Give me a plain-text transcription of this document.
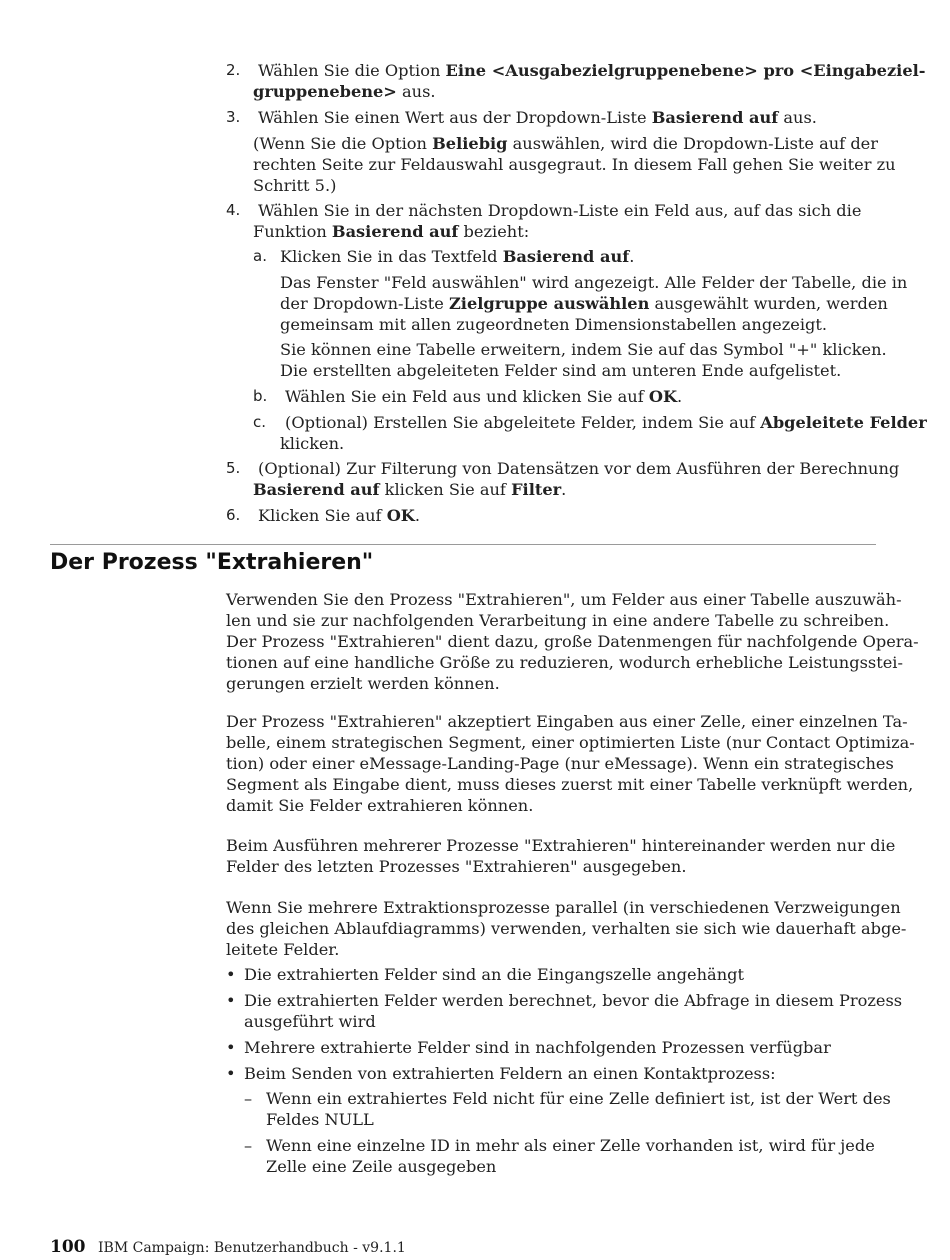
2. Wählen Sie die Option Eine <Ausgabezielgruppenebene> pro <Eingabeziel-
gruppenebene> aus.
3. Wählen Sie einen Wert aus der Dropdown-Liste Basierend auf aus.
(Wenn Sie die Option Beliebig auswählen, wird die Dropdown-Liste auf der
rechten Seite zur Feldauswahl ausgegraut. In diesem Fall gehen Sie weiter zu
Schritt 5.)
4. Wählen Sie in der nächsten Dropdown-Liste ein Feld aus, auf das sich die
Funktion Basierend auf bezieht:
a. Klicken Sie in das Textfeld Basierend auf.
Das Fenster "Feld auswählen" wird angezeigt. Alle Felder der Tabelle, die in
der Dropdown-Liste Zielgruppe auswählen ausgewählt wurden, werden
gemeinsam mit allen zugeordneten Dimensionstabellen angezeigt.
Sie können eine Tabelle erweitern, indem Sie auf das Symbol "+" klicken.
Die erstellten abgeleiteten Felder sind am unteren Ende aufgelistet.
b. Wählen Sie ein Feld aus und klicken Sie auf OK.
c. (Optional) Erstellen Sie abgeleitete Felder, indem Sie auf Abgeleitete Felder
klicken.
5. (Optional) Zur Filterung von Datensätzen vor dem Ausführen der Berechnung
Basierend auf klicken Sie auf Filter.
6. Klicken Sie auf OK.
Der Prozess "Extrahieren"
Verwenden Sie den Prozess "Extrahieren", um Felder aus einer Tabelle auszuwäh-
len und sie zur nachfolgenden Verarbeitung in eine andere Tabelle zu schreiben.
Der Prozess "Extrahieren" dient dazu, große Datenmengen für nachfolgende Opera-
tionen auf eine handliche Größe zu reduzieren, wodurch erhebliche Leistungsstei-
gerungen erzielt werden können.
Der Prozess "Extrahieren" akzeptiert Eingaben aus einer Zelle, einer einzelnen Ta-
belle, einem strategischen Segment, einer optimierten Liste (nur Contact Optimiza-
tion) oder einer eMessage-Landing-Page (nur eMessage). Wenn ein strategisches
Segment als Eingabe dient, muss dieses zuerst mit einer Tabelle verknüpft werden,
damit Sie Felder extrahieren können.
Beim Ausführen mehrerer Prozesse "Extrahieren" hintereinander werden nur die
Felder des letzten Prozesses "Extrahieren" ausgegeben.
Wenn Sie mehrere Extraktionsprozesse parallel (in verschiedenen Verzweigungen
des gleichen Ablaufdiagramms) verwenden, verhalten sie sich wie dauerhaft abge-
leitete Felder.
• Die extrahierten Felder sind an die Eingangszelle angehängt
• Die extrahierten Felder werden berechnet, bevor die Abfrage in diesem Prozess
ausgeführt wird
• Mehrere extrahierte Felder sind in nachfolgenden Prozessen verfügbar
• Beim Senden von extrahierten Feldern an einen Kontaktprozess:
– Wenn ein extrahiertes Feld nicht für eine Zelle definiert ist, ist der Wert des
Feldes NULL
– Wenn eine einzelne ID in mehr als einer Zelle vorhanden ist, wird für jede
Zelle eine Zeile ausgegeben
100 IBM Campaign: Benutzerhandbuch - v9.1.1
